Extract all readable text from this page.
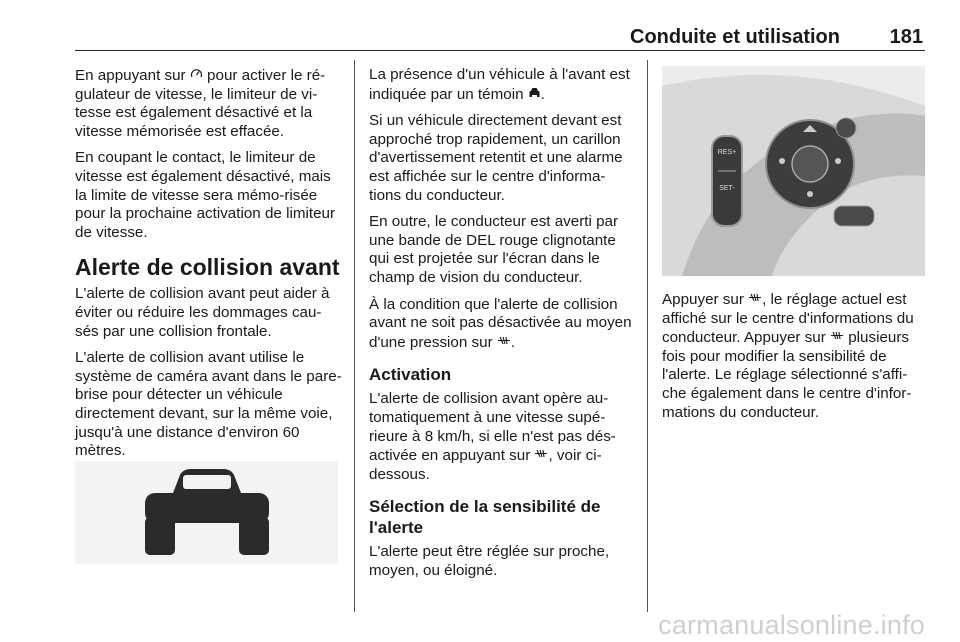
Conduite et utilisation 181

En appuyant sur  pour activer le ré-gulateur de vitesse, le limiteur de vi-tesse est également désactivé et la vitesse mémorisée est effacée.

En coupant le contact, le limiteur de vitesse est également désactivé, mais la limite de vitesse sera mémo-risée pour la prochaine activation de limiteur de vitesse.

Alerte de collision avant

L'alerte de collision avant peut aider à éviter ou réduire les dommages cau-sés par une collision frontale.

L'alerte de collision avant utilise le système de caméra avant dans le pare-brise pour détecter un véhicule directement devant, sur la même voie, jusqu'à une distance d'environ 60 mètres.

La présence d'un véhicule à l'avant est indiquée par un témoin .

Si un véhicule directement devant est approché trop rapidement, un carillon d'avertissement retentit et une alarme est affichée sur le centre d'informa-tions du conducteur.

En outre, le conducteur est averti par une bande de DEL rouge clignotante qui est projetée sur l'écran dans le champ de vision du conducteur.

À la condition que l'alerte de collision avant ne soit pas désactivée au moyen d'une pression sur .

Activation

L'alerte de collision avant opère au-tomatiquement à une vitesse supé-rieure à 8 km/h, si elle n'est pas dés-activée en appuyant sur , voir ci-dessous.

Sélection de la sensibilité de l'alerte

L'alerte peut être réglée sur proche, moyen, ou éloigné.

RES+
SET-

Appuyer sur , le réglage actuel est affiché sur le centre d'informations du conducteur. Appuyer sur  plusieurs fois pour modifier la sensibilité de l'alerte. Le réglage sélectionné s'affi-che également dans le centre d'infor-mations du conducteur.

carmanualsonline.info
